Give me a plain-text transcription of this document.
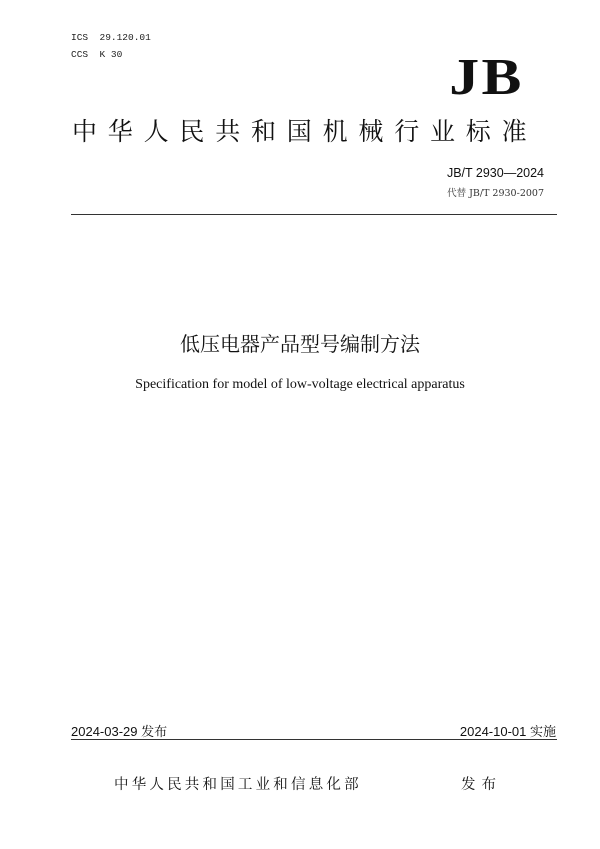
ICS  29.120.01
CCS  K 30	JB
中华人民共和国机械行业标准
JB/T 2930—2024
代替 JB/T 2930-2007
低压电器产品型号编制方法
Specification for model of low-voltage electrical apparatus
2024-03-29 发布	2024-10-01 实施
中华人民共和国工业和信息化部	发布
